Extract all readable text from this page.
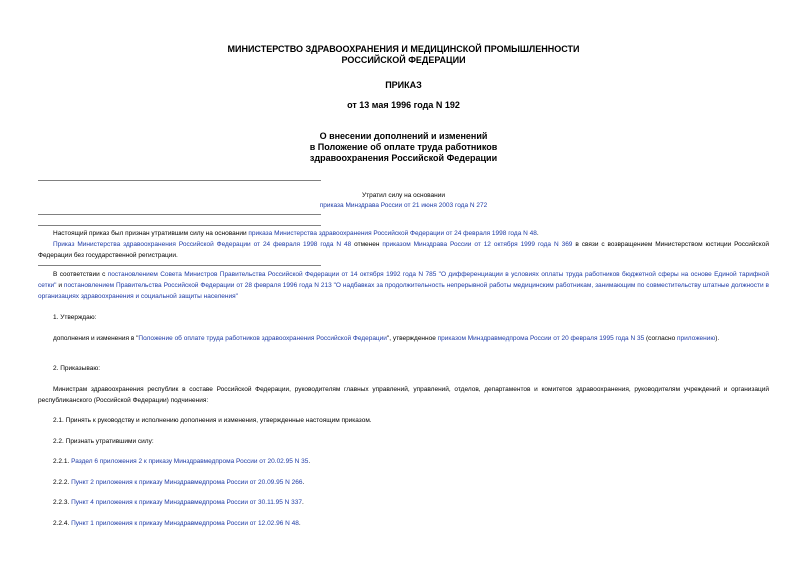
МИНИСТЕРСТВО ЗДРАВООХРАНЕНИЯ И МЕДИЦИНСКОЙ ПРОМЫШЛЕННОСТИ
РОССИЙСКОЙ ФЕДЕРАЦИИ
ПРИКАЗ
от 13 мая 1996 года N 192
О внесении дополнений и изменений
в Положение об оплате труда работников
здравоохранения Российской Федерации
Утратил силу на основании
приказа Минздрава России от 21 июня 2003 года N 272
Настоящий приказ был признан утратившим силу на основании приказа Министерства здравоохранения Российской Федерации от 24 февраля 1998 года N 48.
Приказ Министерства здравоохранения Российской Федерации от 24 февраля 1998 года N 48 отменен приказом Минздрава России от 12 октября 1999 года N 369 в связи с возвращением Министерством юстиции Российской Федерации без государственной регистрации.
В соответствии с постановлением Совета Министров Правительства Российской Федерации от 14 октября 1992 года N 785 "О дифференциации в условиях оплаты труда работников бюджетной сферы на основе Единой тарифной сетки" и постановлением Правительства Российской Федерации от 28 февраля 1996 года N 213 "О надбавках за продолжительность непрерывной работы медицинским работникам, занимающим по совместительству штатные должности в организациях здравоохранения и социальной защиты населения"
1. Утверждаю:
дополнения и изменения в "Положение об оплате труда работников здравоохранения Российской Федерации", утвержденное приказом Минздравмедпрома России от 20 февраля 1995 года N 35 (согласно приложению).
2. Приказываю:
Министрам здравоохранения республик в составе Российской Федерации, руководителям главных управлений, управлений, отделов, департаментов и комитетов здравоохранения, руководителям учреждений и организаций республиканского (Российской Федерации) подчинения:
2.1. Принять к руководству и исполнению дополнения и изменения, утвержденные настоящим приказом.
2.2. Признать утратившими силу:
2.2.1. Раздел 6 приложения 2 к приказу Минздравмедпрома России от 20.02.95 N 35.
2.2.2. Пункт 2 приложения к приказу Минздравмедпрома России от 20.09.95 N 266.
2.2.3. Пункт 4 приложения к приказу Минздравмедпрома России от 30.11.95 N 337.
2.2.4. Пункт 1 приложения к приказу Минздравмедпрома России от 12.02.96 N 48.
